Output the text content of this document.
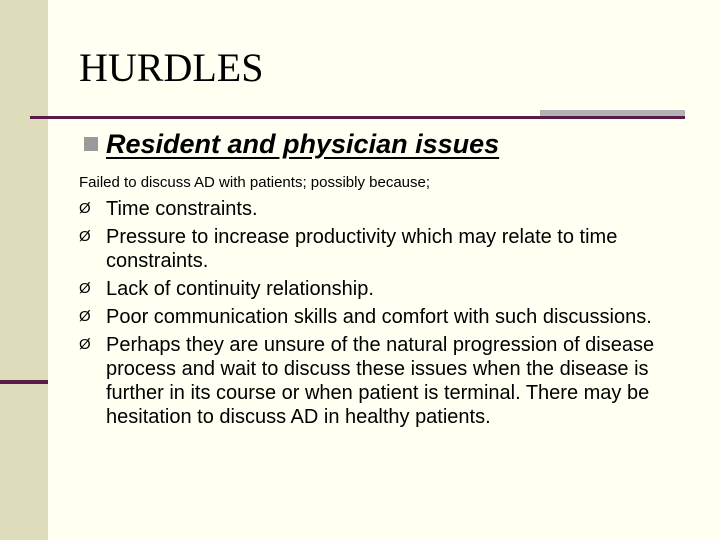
HURDLES
Resident and physician issues
Failed to discuss AD with patients; possibly because;
Ø Time constraints.
Ø Pressure to increase productivity which may relate to time constraints.
Ø Lack of continuity relationship.
Ø Poor communication skills and comfort with such discussions.
Ø Perhaps they are unsure of the natural progression of disease process and wait to discuss these issues when the disease is further in its course or when patient is terminal. There may be hesitation to discuss AD in healthy patients.
